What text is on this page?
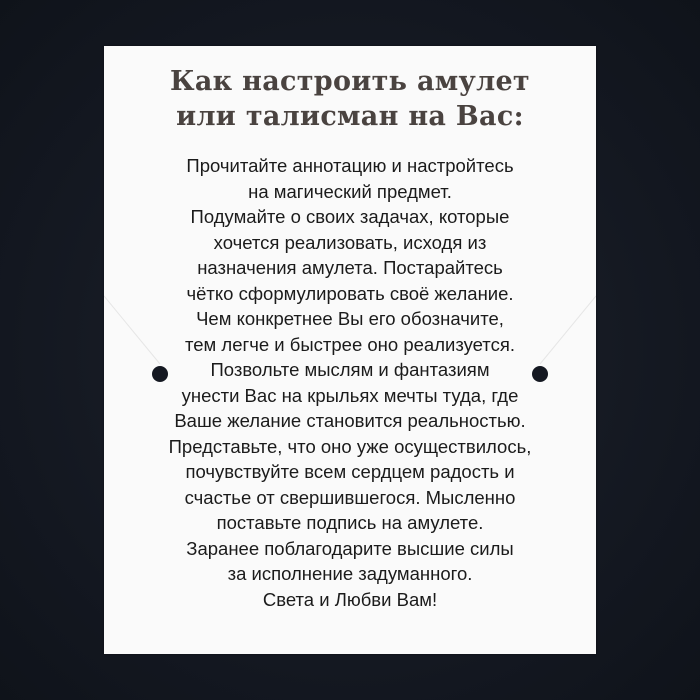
Как настроить амулет
или талисман на Вас:
Прочитайте аннотацию и настройтесь
на магический предмет.
Подумайте о своих задачах, которые
хочется реализовать, исходя из
назначения амулета. Постарайтесь
чётко сформулировать своё желание.
Чем конкретнее Вы его обозначите,
тем легче и быстрее оно реализуется.
Позвольте мыслям и фантазиям
унести Вас на крыльях мечты туда, где
Ваше желание становится реальностью.
Представьте, что оно уже осуществилось,
почувствуйте всем сердцем радость и
счастье от свершившегося. Мысленно
поставьте подпись на амулете.
Заранее поблагодарите высшие силы
за исполнение задуманного.
Света и Любви Вам!
